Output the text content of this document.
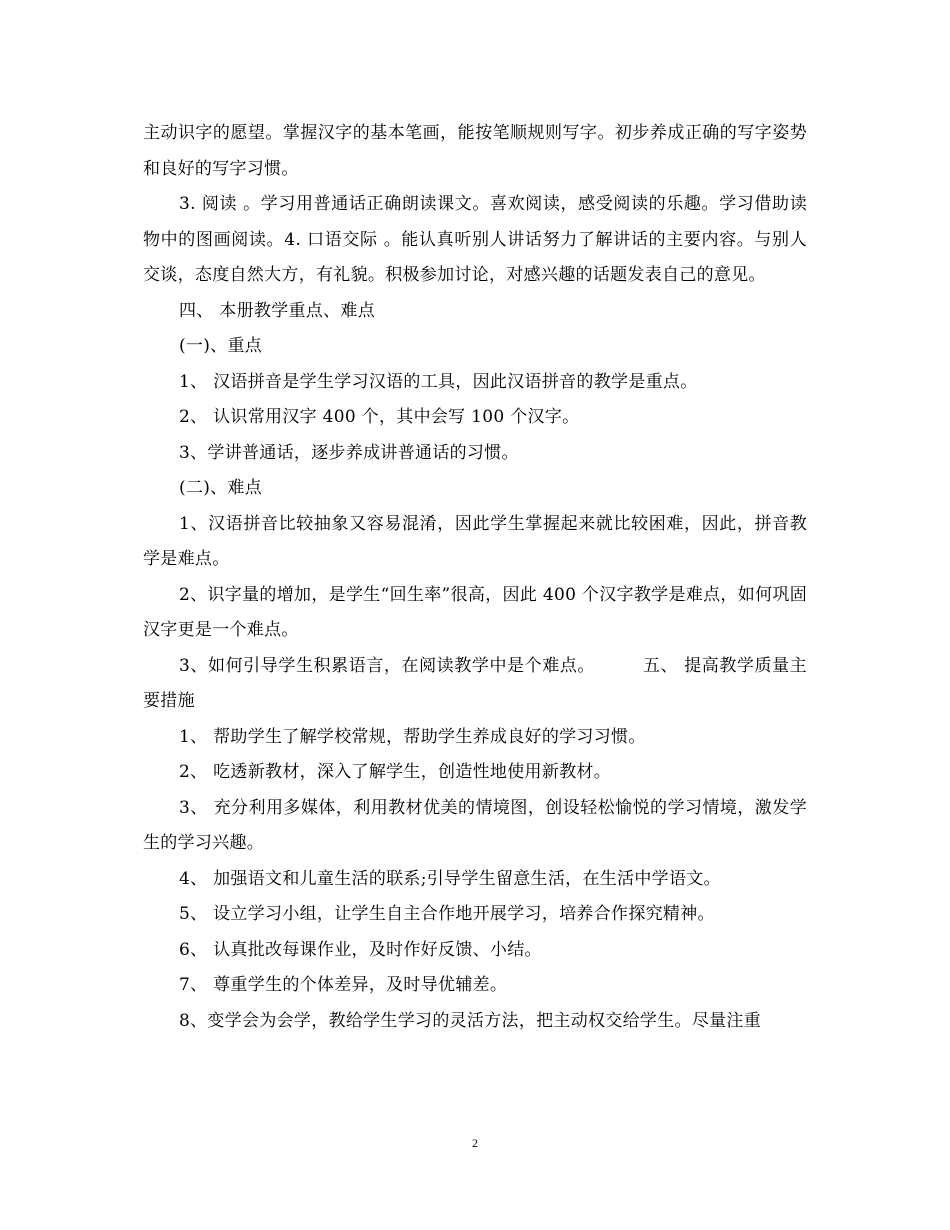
主动识字的愿望。掌握汉字的基本笔画，能按笔顺规则写字。初步养成正确的写字姿势和良好的写字习惯。

3. 阅读 。学习用普通话正确朗读课文。喜欢阅读，感受阅读的乐趣。学习借助读物中的图画阅读。4. 口语交际 。能认真听别人讲话努力了解讲话的主要内容。与别人交谈，态度自然大方，有礼貌。积极参加讨论，对感兴趣的话题发表自己的意见。

四、 本册教学重点、难点

(一)、重点

1、 汉语拼音是学生学习汉语的工具，因此汉语拼音的教学是重点。

2、 认识常用汉字 400 个，其中会写 100 个汉字。

3、学讲普通话，逐步养成讲普通话的习惯。

(二)、难点

1、汉语拼音比较抽象又容易混淆，因此学生掌握起来就比较困难，因此，拼音教学是难点。

2、识字量的增加，是学生“回生率”很高，因此 400 个汉字教学是难点，如何巩固汉字更是一个难点。

3、如何引导学生积累语言，在阅读教学中是个难点。        五、 提高教学质量主要措施

1、 帮助学生了解学校常规，帮助学生养成良好的学习习惯。

2、 吃透新教材，深入了解学生，创造性地使用新教材。

3、 充分利用多媒体，利用教材优美的情境图，创设轻松愉悦的学习情境，激发学生的学习兴趣。

4、 加强语文和儿童生活的联系;引导学生留意生活，在生活中学语文。

5、 设立学习小组，让学生自主合作地开展学习，培养合作探究精神。

6、 认真批改每课作业，及时作好反馈、小结。

7、 尊重学生的个体差异，及时导优辅差。

8、变学会为会学，教给学生学习的灵活方法，把主动权交给学生。尽量注重

2
